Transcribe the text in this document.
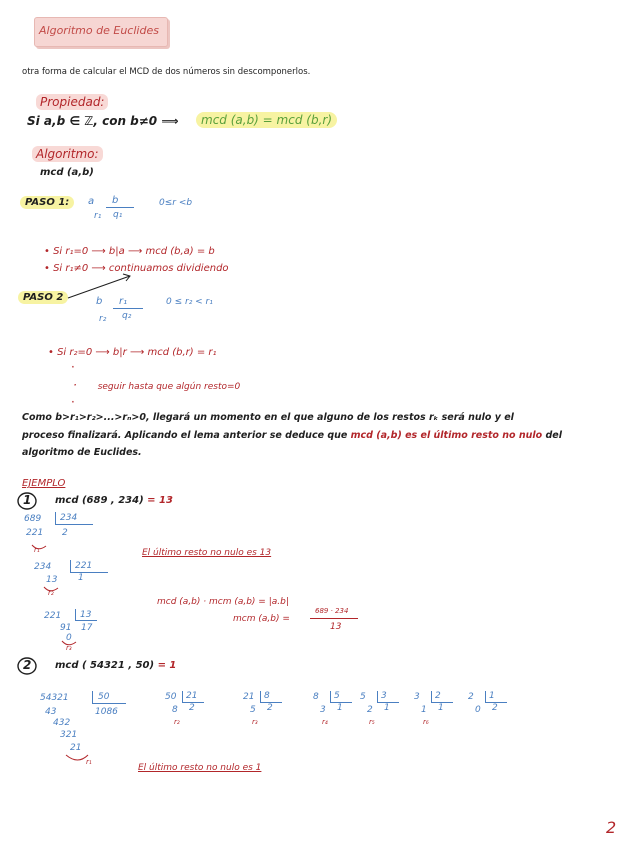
Algoritmo de Euclides
otra forma de calcular el MCD de dos números sin descomponerlos.
Propiedad:
Si a,b ∈ ℤ, con b≠0 ⟹	mcd (a,b) = mcd (b,r)
Algoritmo:
mcd (a,b)
PASO 1:	a b
r₁ q₁
0≤r <b
• Si r₁=0 ⟶ b|a ⟶ mcd (b,a) = b
• Si r₁≠0 ⟶ continuamos dividiendo
PASO 2	b r₁
r₂ q₂
0 ≤ r₂ < r₁
• Si r₂=0 ⟶ b|r ⟶ mcd (b,r) = r₁
·
· seguir hasta que algún resto=0
·
Como b>r₁>r₂>...>rₙ>0, llegará un momento en el que alguno de los restos rₖ será nulo y el
proceso finalizará. Aplicando el lema anterior se deduce que mcd (a,b) es el último resto no nulo del
algoritmo de Euclides.
EJEMPLO
1 mcd (689 , 234) = 13
689 234
221 2
r₁	El último resto no nulo es 13
234	221
13 1
r₂
mcd (a,b) · mcm (a,b) = |a.b|
mcm (a,b) =
689 · 234
13
221 13
91 17
0
r₃
2 mcd ( 54321 , 50) = 1
54321	50
43	1086
432
321
21
r₁
50 21
8 2
r₂
21 8
5 2
r₃
8 5
3 1
r₄
5 3
2 1
r₅
3 2
1 1
r₆
2 1
0 2
El último resto no nulo es 1
2
